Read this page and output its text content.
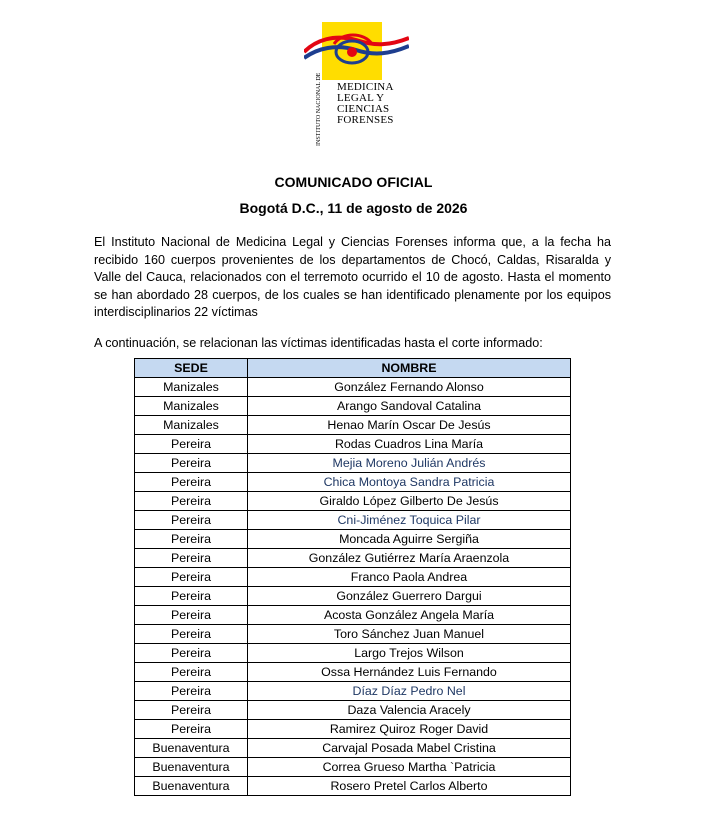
INSTITUTO NACIONAL DE MEDICINA
LEGAL Y
CIENCIAS
FORENSES
COMUNICADO OFICIAL
Bogotá D.C., 11 de agosto de 2026
El Instituto Nacional de Medicina Legal y Ciencias Forenses informa que, a la fecha ha
recibido 160 cuerpos provenientes de los departamentos de Chocó, Caldas, Risaralda y
Valle del Cauca, relacionados con el terremoto ocurrido el 10 de agosto. Hasta el momento
se han abordado 28 cuerpos, de los cuales se han identificado plenamente por los equipos
interdisciplinarios 22 víctimas
A continuación, se relacionan las víctimas identificadas hasta el corte informado:
SEDE	NOMBRE
Manizales	González Fernando Alonso
Manizales	Arango Sandoval Catalina
Manizales	Henao Marín Oscar De Jesús
Pereira	Rodas Cuadros Lina María
Pereira	Mejia Moreno Julián Andrés
Pereira	Chica Montoya Sandra Patricia
Pereira	Giraldo López Gilberto De Jesús
Pereira	Cni-Jiménez Toquica Pilar
Pereira	Moncada Aguirre Sergiña
Pereira	González Gutiérrez María Araenzola
Pereira	Franco Paola Andrea
Pereira	González Guerrero Dargui
Pereira	Acosta González Angela María
Pereira	Toro Sánchez Juan Manuel
Pereira	Largo Trejos Wilson
Pereira	Ossa Hernández Luis Fernando
Pereira	Díaz Díaz Pedro Nel
Pereira	Daza Valencia Aracely
Pereira	Ramirez Quiroz Roger David
Buenaventura	Carvajal Posada Mabel Cristina
Buenaventura	Correa Grueso Martha `Patricia
Buenaventura	Rosero Pretel Carlos Alberto
